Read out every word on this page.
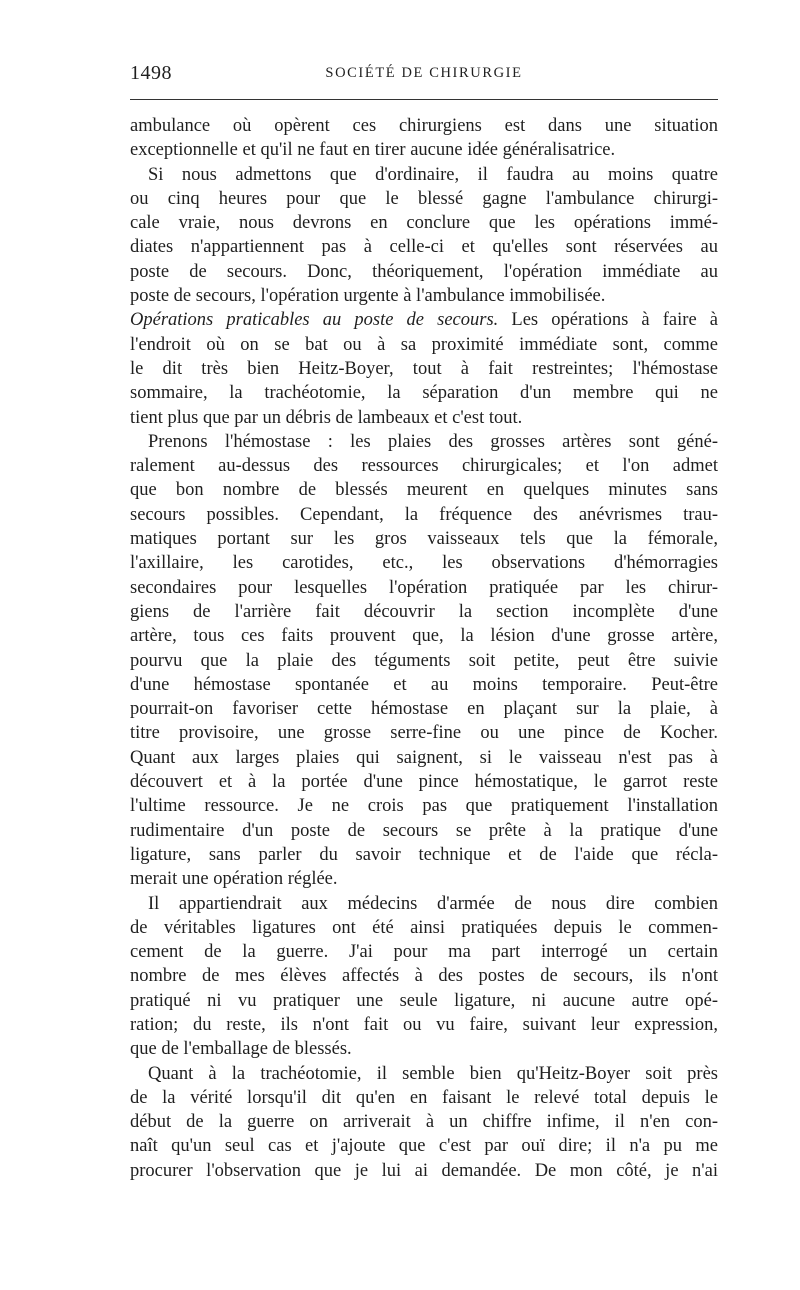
1498	SOCIÉTÉ DE CHIRURGIE
ambulance où opèrent ces chirurgiens est dans une situation
exceptionnelle et qu'il ne faut en tirer aucune idée généralisatrice.
Si nous admettons que d'ordinaire, il faudra au moins quatre
ou cinq heures pour que le blessé gagne l'ambulance chirurgi-
cale vraie, nous devrons en conclure que les opérations immé-
diates n'appartiennent pas à celle-ci et qu'elles sont réservées au
poste de secours. Donc, théoriquement, l'opération immédiate au
poste de secours, l'opération urgente à l'ambulance immobilisée.
Opérations praticables au poste de secours. Les opérations à faire à
l'endroit où on se bat ou à sa proximité immédiate sont, comme
le dit très bien Heitz-Boyer, tout à fait restreintes; l'hémostase
sommaire, la trachéotomie, la séparation d'un membre qui ne
tient plus que par un débris de lambeaux et c'est tout.
Prenons l'hémostase : les plaies des grosses artères sont géné-
ralement au-dessus des ressources chirurgicales; et l'on admet
que bon nombre de blessés meurent en quelques minutes sans
secours possibles. Cependant, la fréquence des anévrismes trau-
matiques portant sur les gros vaisseaux tels que la fémorale,
l'axillaire, les carotides, etc., les observations d'hémorragies
secondaires pour lesquelles l'opération pratiquée par les chirur-
giens de l'arrière fait découvrir la section incomplète d'une
artère, tous ces faits prouvent que, la lésion d'une grosse artère,
pourvu que la plaie des téguments soit petite, peut être suivie
d'une hémostase spontanée et au moins temporaire. Peut-être
pourrait-on favoriser cette hémostase en plaçant sur la plaie, à
titre provisoire, une grosse serre-fine ou une pince de Kocher.
Quant aux larges plaies qui saignent, si le vaisseau n'est pas à
découvert et à la portée d'une pince hémostatique, le garrot reste
l'ultime ressource. Je ne crois pas que pratiquement l'installation
rudimentaire d'un poste de secours se prête à la pratique d'une
ligature, sans parler du savoir technique et de l'aide que récla-
merait une opération réglée.
Il appartiendrait aux médecins d'armée de nous dire combien
de véritables ligatures ont été ainsi pratiquées depuis le commen-
cement de la guerre. J'ai pour ma part interrogé un certain
nombre de mes élèves affectés à des postes de secours, ils n'ont
pratiqué ni vu pratiquer une seule ligature, ni aucune autre opé-
ration; du reste, ils n'ont fait ou vu faire, suivant leur expression,
que de l'emballage de blessés.
Quant à la trachéotomie, il semble bien qu'Heitz-Boyer soit près
de la vérité lorsqu'il dit qu'en en faisant le relevé total depuis le
début de la guerre on arriverait à un chiffre infime, il n'en con-
naît qu'un seul cas et j'ajoute que c'est par ouï dire; il n'a pu me
procurer l'observation que je lui ai demandée. De mon côté, je n'ai
